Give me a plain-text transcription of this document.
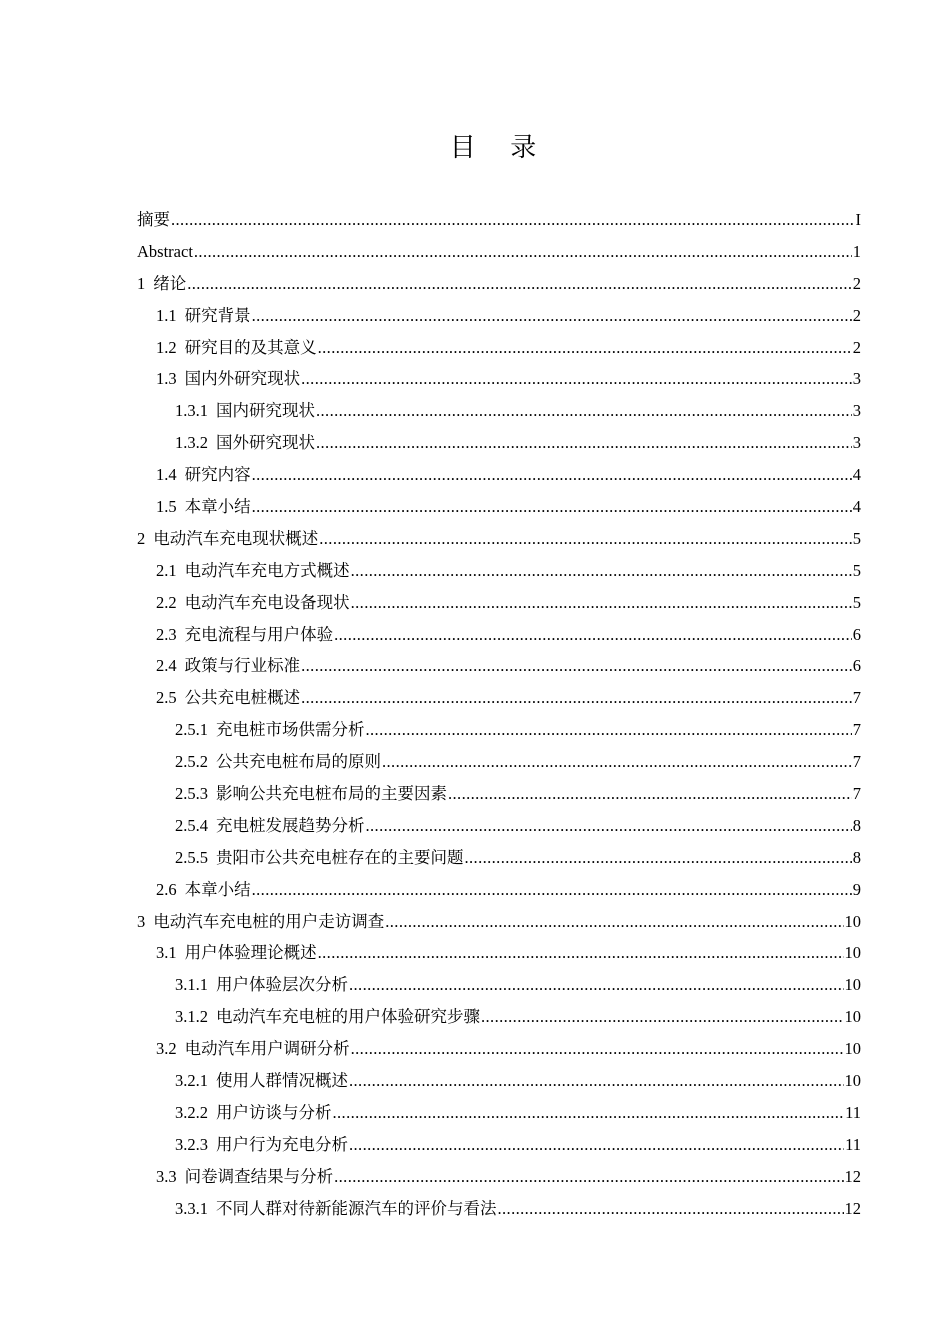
目 录
摘要 .....	I
Abstract .....	1
1 绪论 .....	2
1.1 研究背景 .....	2
1.2 研究目的及其意义 .....	2
1.3 国内外研究现状 .....	3
1.3.1 国内研究现状 .....	3
1.3.2 国外研究现状 .....	3
1.4 研究内容 .....	4
1.5 本章小结 .....	4
2 电动汽车充电现状概述 .....	5
2.1 电动汽车充电方式概述 .....	5
2.2 电动汽车充电设备现状 .....	5
2.3 充电流程与用户体验 .....	6
2.4 政策与行业标准 .....	6
2.5 公共充电桩概述 .....	7
2.5.1 充电桩市场供需分析 .....	7
2.5.2 公共充电桩布局的原则 .....	7
2.5.3 影响公共充电桩布局的主要因素 .....	7
2.5.4 充电桩发展趋势分析 .....	8
2.5.5 贵阳市公共充电桩存在的主要问题 .....	8
2.6 本章小结 .....	9
3 电动汽车充电桩的用户走访调查 .....	10
3.1 用户体验理论概述 .....	10
3.1.1 用户体验层次分析 .....	10
3.1.2 电动汽车充电桩的用户体验研究步骤 .....	10
3.2 电动汽车用户调研分析 .....	10
3.2.1 使用人群情况概述 .....	10
3.2.2 用户访谈与分析 .....	11
3.2.3 用户行为充电分析 .....	11
3.3 问卷调查结果与分析 .....	12
3.3.1 不同人群对待新能源汽车的评价与看法 .....	12
